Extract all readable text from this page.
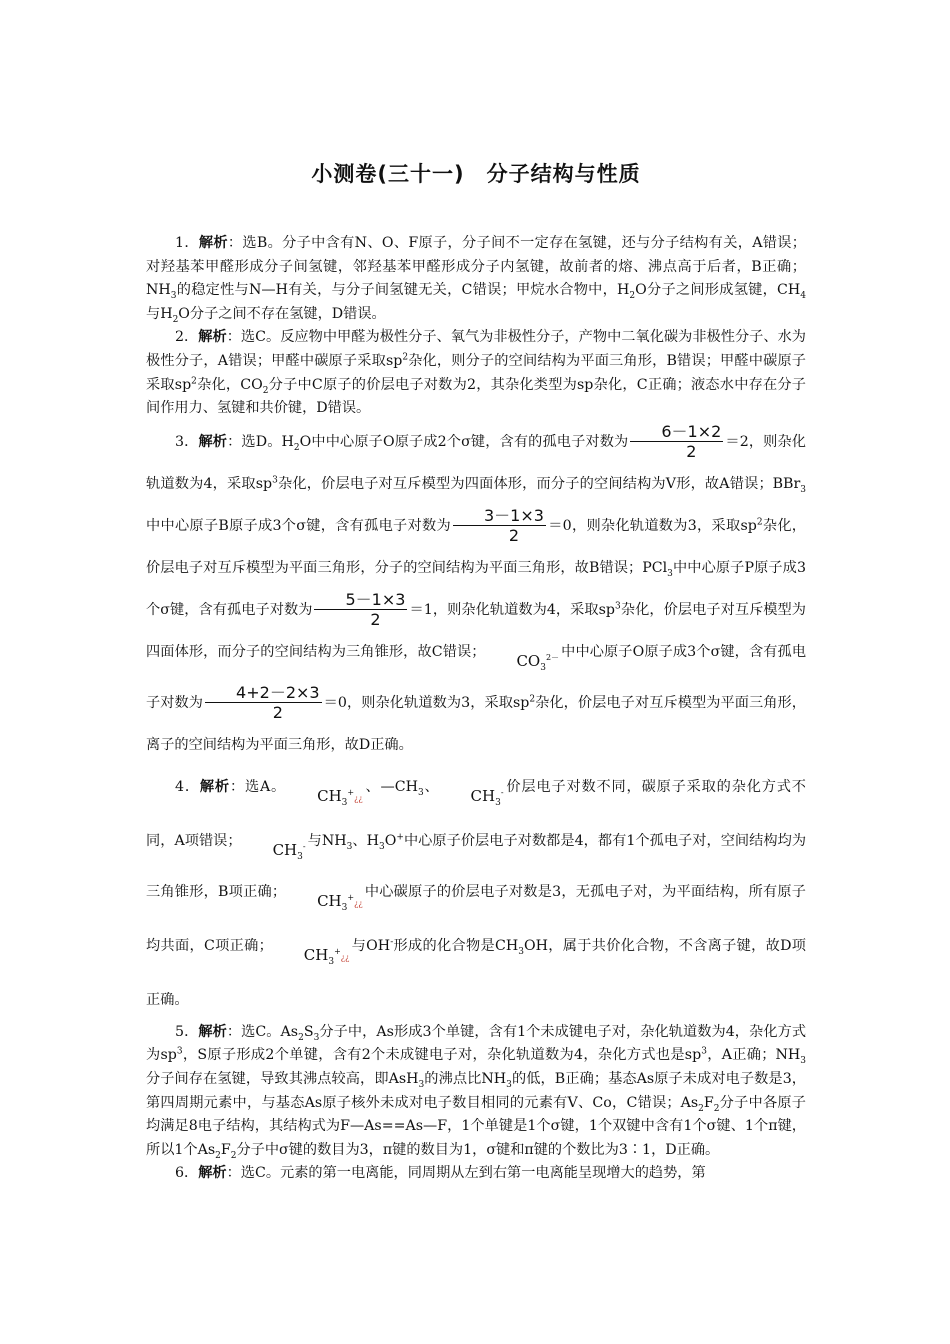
小测卷(三十一)　分子结构与性质

1．解析：选B。分子中含有N、O、F原子，分子间不一定存在氢键，还与分子结构有关，A错误；对羟基苯甲醛形成分子间氢键，邻羟基苯甲醛形成分子内氢键，故前者的熔、沸点高于后者，B正确；$NH_3$的稳定性与N—H有关，与分子间氢键无关，C错误；甲烷水合物中，$H_2O$分子之间形成氢键，$CH_4$与$H_2O$分子之间不存在氢键，D错误。

2．解析：选C。反应物中甲醛为极性分子、氧气为非极性分子，产物中二氧化碳为非极性分子、水为极性分子，A错误；甲醛中碳原子采取$sp^2$杂化，则分子的空间结构为平面三角形，B错误；甲醛中碳原子采取$sp^2$杂化，$CO_2$分子中C原子的价层电子对数为2，其杂化类型为sp杂化，C正确；液态水中存在分子间作用力、氢键和共价键，D错误。

3．解析：选D。$H_2O$中中心原子O原子成2个σ键，含有的孤电子对数为 $\frac{6-1\times 2}{2} =2$，则杂化轨道数为4，采取$sp^3$杂化，价层电子对互斥模型为四面体形，而分子的空间结构为V形，故A错误；BBr$_3$中中心原子B原子成3个σ键，含有孤电子对数为 $\frac{3-1\times 3}{2} =0$，则杂化轨道数为3，采取$sp^2$杂化，价层电子对互斥模型为平面三角形，分子的空间结构为平面三角形，故B错误；PCl$_3$中中心原子P原子成3个σ键，含有孤电子对数为 $\frac{5-1\times 3}{2} =1$，则杂化轨道数为4，采取$sp^3$杂化，价层电子对互斥模型为四面体形，而分子的空间结构为三角锥形，故C错误； $CO_3^{2-}$ 中中心原子O原子成3个σ键，含有孤电子对数为 $\frac{4+2-2\times 3}{2} =0$，则杂化轨道数为3，采取$sp^2$杂化，价层电子对互斥模型为平面三角形，离子的空间结构为平面三角形，故D正确。

4．解析：选A。 $CH_3^+¿¿$、$—CH_3$、 $CH_3^-$ 价层电子对数不同，碳原子采取的杂化方式不同，A项错误； $CH_3^-$ 与$NH_3$、$H_3O^+$中心原子价层电子对数都是4，都有1个孤电子对，空间结构均为三角锥形，B项正确； $CH_3^+¿¿$中心碳原子的价层电子对数是3，无孤电子对，为平面结构，所有原子均共面，C项正确； $CH_3^+¿¿$与OH-形成的化合物是$CH_3OH$，属于共价化合物，不含离子键，故D项正确。

5．解析：选C。$As_2S_3$分子中，As形成3个单键，含有1个未成键电子对，杂化轨道数为4，杂化方式为$sp^3$，S原子形成2个单键，含有2个未成键电子对，杂化轨道数为4，杂化方式也是$sp^3$，A正确；$NH_3$分子间存在氢键，导致其沸点较高，即AsH$_3$的沸点比$NH_3$的低，B正确；基态As原子未成对电子数是3，第四周期元素中，与基态As原子核外未成对电子数目相同的元素有V、Co，C错误；$As_2F_2$分子中各原子均满足8电子结构，其结构式为F—As==As—F，1个单键是1个σ键，1个双键中含有1个σ键、1个π键，所以1个$As_2F_2$分子中σ键的数目为3，π键的数目为1，σ键和π键的个数比为3∶1，D正确。

6．解析：选C。元素的第一电离能，同周期从左到右第一电离能呈现增大的趋势，第
